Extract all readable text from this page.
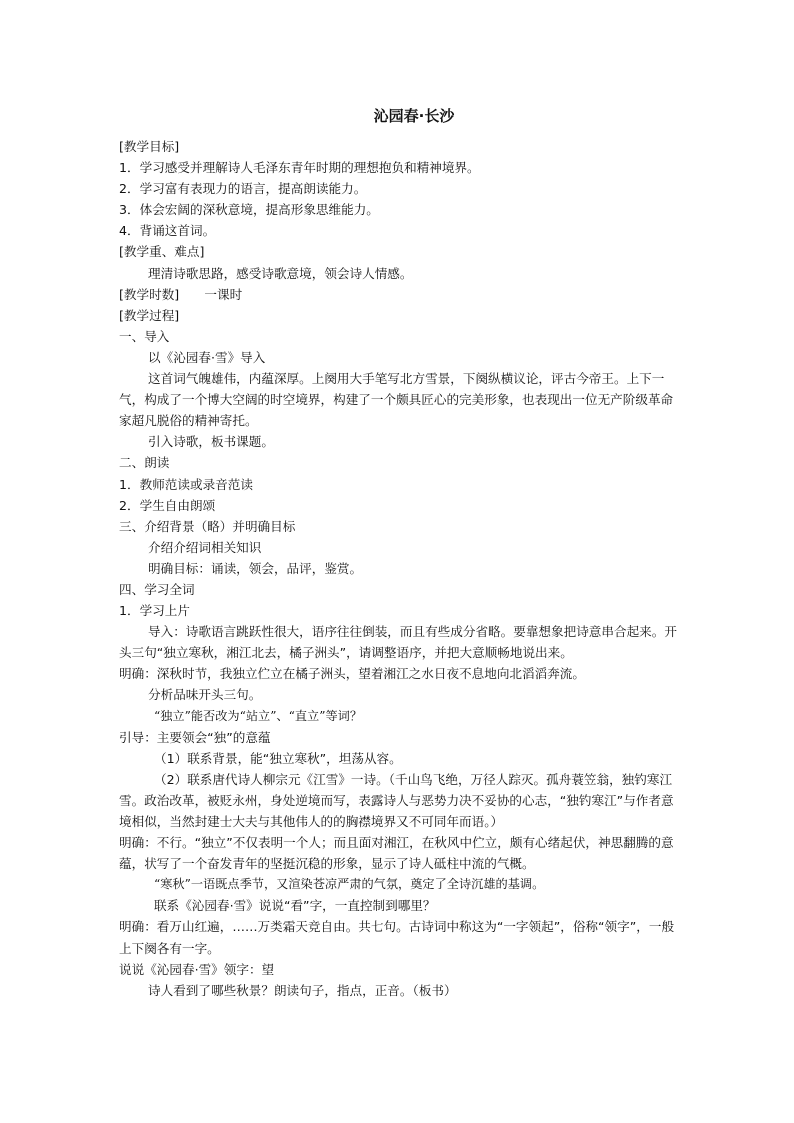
沁园春·长沙

[教学目标]

1．学习感受并理解诗人毛泽东青年时期的理想抱负和精神境界。

2．学习富有表现力的语言，提高朗读能力。

3．体会宏阔的深秋意境，提高形象思维能力。

4．背诵这首词。

[教学重、难点]

理清诗歌思路，感受诗歌意境，领会诗人情感。

[教学时数]　　一课时

[教学过程]

一、导入

以《沁园春·雪》导入

这首词气魄雄伟，内蕴深厚。上阕用大手笔写北方雪景，下阕纵横议论，评古今帝王。上下一气，构成了一个博大空阔的时空境界，构建了一个颇具匠心的完美形象，也表现出一位无产阶级革命家超凡脱俗的精神寄托。

引入诗歌，板书课题。

二、朗读

1．教师范读或录音范读

2．学生自由朗颂

三、介绍背景（略）并明确目标

介绍介绍词相关知识

明确目标：诵读，领会，品评，鉴赏。

四、学习全词

1．学习上片

导入：诗歌语言跳跃性很大，语序往往倒装，而且有些成分省略。要靠想象把诗意串合起来。开头三句“独立寒秋，湘江北去，橘子洲头”，请调整语序，并把大意顺畅地说出来。

明确：深秋时节，我独立伫立在橘子洲头，望着湘江之水日夜不息地向北滔滔奔流。

分析品味开头三句。

“独立”能否改为“站立”、“直立”等词？

引导：主要领会“独”的意蕴

（1）联系背景，能“独立寒秋”，坦荡从容。

（2）联系唐代诗人柳宗元《江雪》一诗。（千山鸟飞绝，万径人踪灭。孤舟蓑笠翁，独钓寒江雪。政治改革，被贬永州，身处逆境而写，表露诗人与恶势力决不妥协的心志，“独钓寒江”与作者意境相似，当然封建士大夫与其他伟人的的胸襟境界又不可同年而语。）

明确：不行。“独立”不仅表明一个人；而且面对湘江，在秋风中伫立，颇有心绪起伏，神思翻腾的意蕴，状写了一个奋发青年的坚挺沉稳的形象，显示了诗人砥柱中流的气概。

“寒秋”一语既点季节，又渲染苍凉严肃的气氛，奠定了全诗沉雄的基调。

联系《沁园春·雪》说说“看”字，一直控制到哪里？

明确：看万山红遍，……万类霜天竞自由。共七句。古诗词中称这为“一字领起”，俗称“领字”，一般上下阕各有一字。

说说《沁园春·雪》领字：望

诗人看到了哪些秋景？朗读句子，指点，正音。（板书）
